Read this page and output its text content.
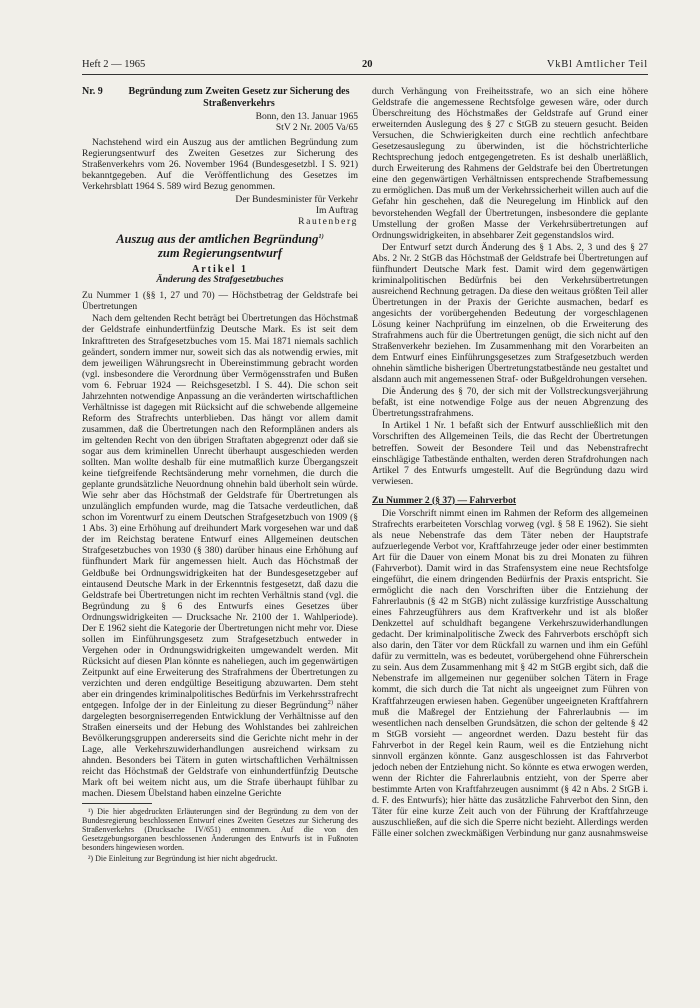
Heft 2 — 1965	20	VkBl Amtlicher Teil
Nr. 9	Begründung zum Zweiten Gesetz zur Sicherung des Straßenverkehrs
Bonn, den 13. Januar 1965
StV 2 Nr. 2005 Va/65

Nachstehend wird ein Auszug aus der amtlichen Begründung zum Regierungsentwurf des Zweiten Gesetzes zur Sicherung des Straßenverkehrs vom 26. November 1964 (Bundesgesetzbl. I S. 921) bekanntgegeben. Auf die Veröffentlichung des Gesetzes im Verkehrsblatt 1964 S. 589 wird Bezug genommen.

Der Bundesminister für Verkehr
Im Auftrag
Rautenberg
Auszug aus der amtlichen Begründung$^{1)}$
zum Regierungsentwurf
Artikel 1
Änderung des Strafgesetzbuches

Zu Nummer 1 (§§ 1, 27 und 70) — Höchstbetrag der Geldstrafe bei Übertretungen

Nach dem geltenden Recht beträgt bei Übertretungen das Höchstmaß der Geldstrafe einhundertfünfzig Deutsche Mark. Es ist seit dem Inkrafttreten des Strafgesetzbuches vom 15. Mai 1871 niemals sachlich geändert, sondern immer nur, soweit sich das als notwendig erwies, mit dem jeweiligen Währungsrecht in Übereinstimmung gebracht worden (vgl. insbesondere die Verordnung über Vermögensstrafen und Bußen vom 6. Februar 1924 — Reichsgesetzbl. I S. 44). Die schon seit Jahrzehnten notwendige Anpassung an die veränderten wirtschaftlichen Verhältnisse ist dagegen mit Rücksicht auf die schwebende allgemeine Reform des Strafrechts unterblieben. Das hängt vor allem damit zusammen, daß die Übertretungen nach den Reformplänen anders als im geltenden Recht von den übrigen Straftaten abgegrenzt oder daß sie sogar aus dem kriminellen Unrecht überhaupt ausgeschieden werden sollten. Man wollte deshalb für eine mutmaßlich kurze Übergangszeit keine tiefgreifende Rechtsänderung mehr vornehmen, die durch die geplante grundsätzliche Neuordnung ohnehin bald überholt sein würde. Wie sehr aber das Höchstmaß der Geldstrafe für Übertretungen als unzulänglich empfunden wurde, mag die Tatsache verdeutlichen, daß schon im Vorentwurf zu einem Deutschen Strafgesetzbuch von 1909 (§ 1 Abs. 3) eine Erhöhung auf dreihundert Mark vorgesehen war und daß der im Reichstag beratene Entwurf eines Allgemeinen deutschen Strafgesetzbuches von 1930 (§ 380) darüber hinaus eine Erhöhung auf fünfhundert Mark für angemessen hielt. Auch das Höchstmaß der Geldbuße bei Ordnungswidrigkeiten hat der Bundesgesetzgeber auf eintausend Deutsche Mark in der Erkenntnis festgesetzt, daß dazu die Geldstrafe bei Übertretungen nicht im rechten Verhältnis stand (vgl. die Begründung zu § 6 des Entwurfs eines Gesetzes über Ordnungswidrigkeiten — Drucksache Nr. 2100 der 1. Wahlperiode). Der E 1962 sieht die Kategorie der Übertretungen nicht mehr vor. Diese sollen im Einführungsgesetz zum Strafgesetzbuch entweder in Vergehen oder in Ordnungswidrigkeiten umgewandelt werden. Mit Rücksicht auf diesen Plan könnte es naheliegen, auch im gegenwärtigen Zeitpunkt auf eine Erweiterung des Strafrahmens der Übertretungen zu verzichten und deren endgültige Beseitigung abzuwarten. Dem steht aber ein dringendes kriminalpolitisches Bedürfnis im Verkehrsstrafrecht entgegen. Infolge der in der Einleitung zu dieser Begründung$^{2)}$ näher dargelegten besorgniserregenden Entwicklung der Verhältnisse auf den Straßen einerseits und der Hebung des Wohlstandes bei zahlreichen Bevölkerungsgruppen andererseits sind die Gerichte nicht mehr in der Lage, alle Verkehrszuwiderhandlungen ausreichend wirksam zu ahnden. Besonders bei Tätern in guten wirtschaftlichen Verhältnissen reicht das Höchstmaß der Geldstrafe von einhundertfünfzig Deutsche Mark oft bei weitem nicht aus, um die Strafe überhaupt fühlbar zu machen. Diesem Übelstand haben einzelne Gerichte

¹) Die hier abgedruckten Erläuterungen sind der Begründung zu dem von der Bundesregierung beschlossenen Entwurf eines Zweiten Gesetzes zur Sicherung des Straßenverkehrs (Drucksache IV/651) entnommen. Auf die von den Gesetzgebungsorganen beschlossenen Änderungen des Entwurfs ist in Fußnoten besonders hingewiesen worden.

²) Die Einleitung zur Begründung ist hier nicht abgedruckt.

durch Verhängung von Freiheitsstrafe, wo an sich eine höhere Geldstrafe die angemessene Rechtsfolge gewesen wäre, oder durch Überschreitung des Höchstmaßes der Geldstrafe auf Grund einer erweiternden Auslegung des § 27 c StGB zu steuern gesucht. Beiden Versuchen, die Schwierigkeiten durch eine rechtlich anfechtbare Gesetzesauslegung zu überwinden, ist die höchstrichterliche Rechtsprechung jedoch entgegengetreten. Es ist deshalb unerläßlich, durch Erweiterung des Rahmens der Geldstrafe bei den Übertretungen eine den gegenwärtigen Verhältnissen entsprechende Strafbemessung zu ermöglichen. Das muß um der Verkehrssicherheit willen auch auf die Gefahr hin geschehen, daß die Neuregelung im Hinblick auf den bevorstehenden Wegfall der Übertretungen, insbesondere die geplante Umstellung der großen Masse der Verkehrsübertretungen auf Ordnungswidrigkeiten, in absehbarer Zeit gegenstandslos wird.

Der Entwurf setzt durch Änderung des § 1 Abs. 2, 3 und des § 27 Abs. 2 Nr. 2 StGB das Höchstmaß der Geldstrafe bei Übertretungen auf fünfhundert Deutsche Mark fest. Damit wird dem gegenwärtigen kriminalpolitischen Bedürfnis bei den Verkehrsübertretungen ausreichend Rechnung getragen. Da diese den weitaus größten Teil aller Übertretungen in der Praxis der Gerichte ausmachen, bedarf es angesichts der vorübergehenden Bedeutung der vorgeschlagenen Lösung keiner Nachprüfung im einzelnen, ob die Erweiterung des Strafrahmens auch für die Übertretungen genügt, die sich nicht auf den Straßenverkehr beziehen. Im Zusammenhang mit den Vorarbeiten an dem Entwurf eines Einführungsgesetzes zum Strafgesetzbuch werden ohnehin sämtliche bisherigen Übertretungstatbestände neu gestaltet und alsdann auch mit angemessenen Straf- oder Bußgeldrohungen versehen.

Die Änderung des § 70, der sich mit der Vollstreckungsverjährung befaßt, ist eine notwendige Folge aus der neuen Abgrenzung des Übertretungsstrafrahmens.

In Artikel 1 Nr. 1 befaßt sich der Entwurf ausschließlich mit den Vorschriften des Allgemeinen Teils, die das Recht der Übertretungen betreffen. Soweit der Besondere Teil und das Nebenstrafrecht einschlägige Tatbestände enthalten, werden deren Strafdrohungen nach Artikel 7 des Entwurfs umgestellt. Auf die Begründung dazu wird verwiesen.

Zu Nummer 2 (§ 37) — Fahrverbot

Die Vorschrift nimmt einen im Rahmen der Reform des allgemeinen Strafrechts erarbeiteten Vorschlag vorweg (vgl. § 58 E 1962). Sie sieht als neue Nebenstrafe das dem Täter neben der Hauptstrafe aufzuerlegende Verbot vor, Kraftfahrzeuge jeder oder einer bestimmten Art für die Dauer von einem Monat bis zu drei Monaten zu führen (Fahrverbot). Damit wird in das Strafensystem eine neue Rechtsfolge eingeführt, die einem dringenden Bedürfnis der Praxis entspricht. Sie ermöglicht die nach den Vorschriften über die Entziehung der Fahrerlaubnis (§ 42 m StGB) nicht zulässige kurzfristige Ausschaltung eines Fahrzeugführers aus dem Kraftverkehr und ist als bloßer Denkzettel auf schuldhaft begangene Verkehrszuwiderhandlungen gedacht. Der kriminalpolitische Zweck des Fahrverbots erschöpft sich also darin, den Täter vor dem Rückfall zu warnen und ihm ein Gefühl dafür zu vermitteln, was es bedeutet, vorübergehend ohne Führerschein zu sein. Aus dem Zusammenhang mit § 42 m StGB ergibt sich, daß die Nebenstrafe im allgemeinen nur gegenüber solchen Tätern in Frage kommt, die sich durch die Tat nicht als ungeeignet zum Führen von Kraftfahrzeugen erwiesen haben. Gegenüber ungeeigneten Kraftfahrern muß die Maßregel der Entziehung der Fahrerlaubnis — im wesentlichen nach denselben Grundsätzen, die schon der geltende § 42 m StGB vorsieht — angeordnet werden. Dazu besteht für das Fahrverbot in der Regel kein Raum, weil es die Entziehung nicht sinnvoll ergänzen könnte. Ganz ausgeschlossen ist das Fahrverbot jedoch neben der Entziehung nicht. So könnte es etwa erwogen werden, wenn der Richter die Fahrerlaubnis entzieht, von der Sperre aber bestimmte Arten von Kraftfahrzeugen ausnimmt (§ 42 n Abs. 2 StGB i. d. F. des Entwurfs); hier hätte das zusätzliche Fahrverbot den Sinn, den Täter für eine kurze Zeit auch von der Führung der Kraftfahrzeuge auszuschließen, auf die sich die Sperre nicht bezieht. Allerdings werden Fälle einer solchen zweckmäßigen Verbindung nur ganz ausnahmsweise
